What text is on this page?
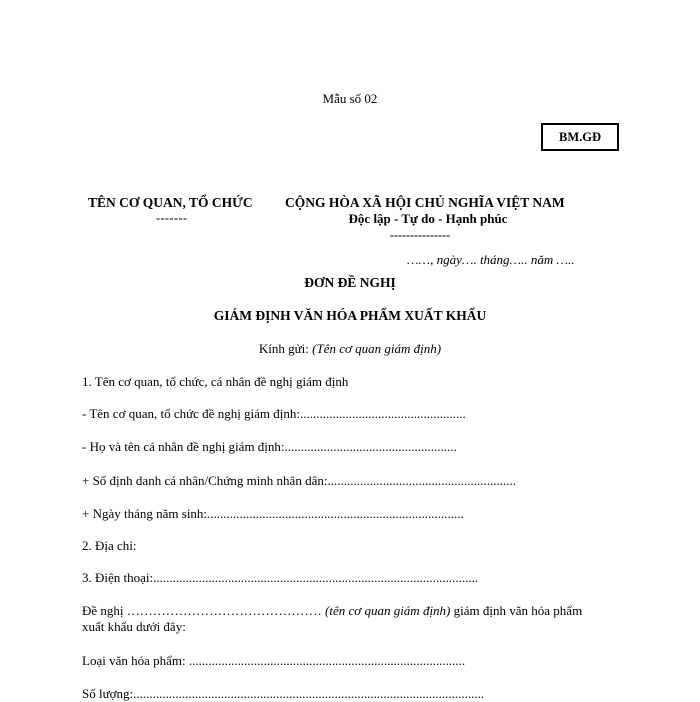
Mẫu số 02
BM.GĐ
TÊN CƠ QUAN, TỔ CHỨC
-------
CỘNG HÒA XÃ HỘI CHỦ NGHĨA VIỆT NAM
Độc lập - Tự do - Hạnh phúc
---------------
……, ngày…. tháng….. năm …..
ĐƠN ĐỀ NGHỊ
GIÁM ĐỊNH VĂN HÓA PHẨM XUẤT KHẨU
Kính gửi: (Tên cơ quan giám định)
1. Tên cơ quan, tổ chức, cá nhân đề nghị giám định
- Tên cơ quan, tổ chức đề nghị giám định:...................................................
- Họ và tên cá nhân đề nghị giám định:.....................................................
+ Số định danh cá nhân/Chứng minh nhân dân:..........................................................
+ Ngày tháng năm sinh:...............................................................................
2. Địa chỉ:
3. Điện thoại:....................................................................................................
Đề nghị ……………………………………… (tên cơ quan giám định) giám định văn hóa phẩm
xuất khẩu dưới đây:
Loại văn hóa phẩm: .....................................................................................
Số lượng:............................................................................................................
